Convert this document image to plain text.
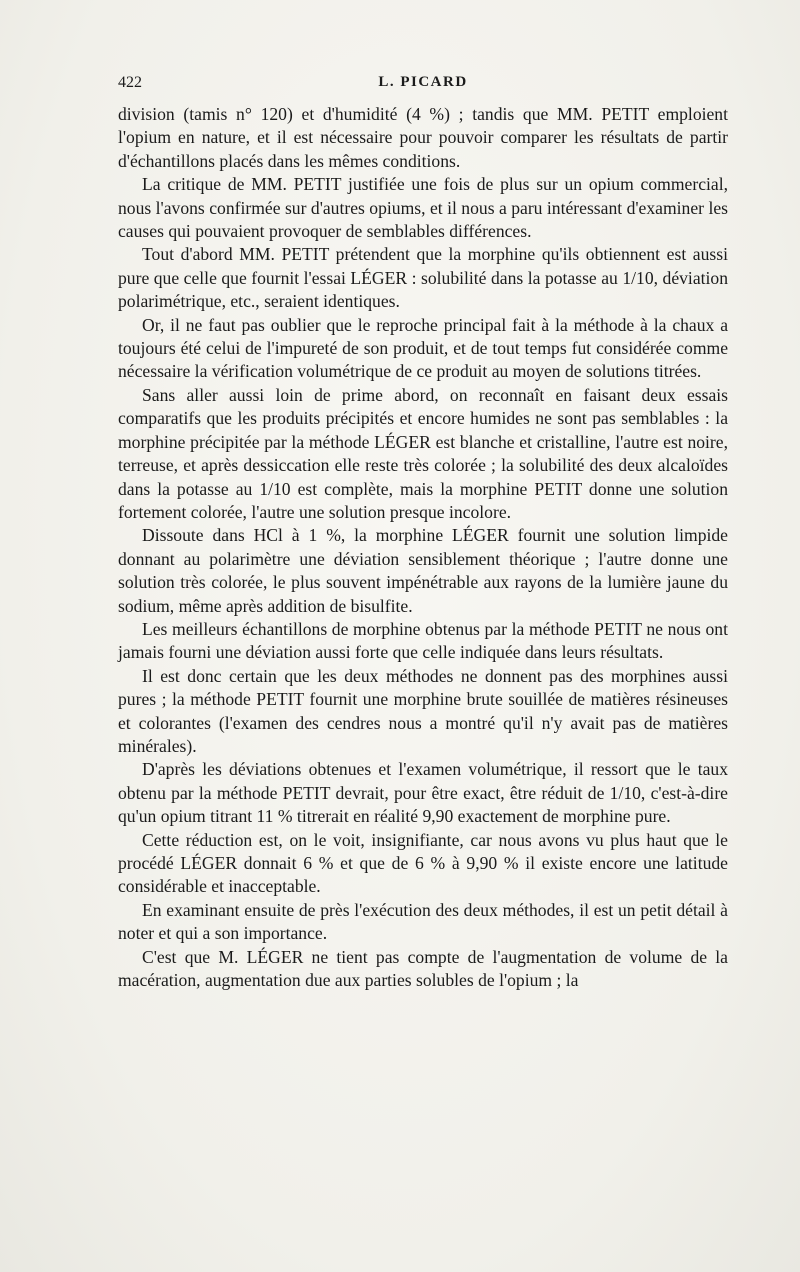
422	L. PICARD

division (tamis n° 120) et d'humidité (4 %) ; tandis que MM. PETIT emploient l'opium en nature, et il est nécessaire pour pouvoir comparer les résultats de partir d'échantillons placés dans les mêmes conditions.

La critique de MM. PETIT justifiée une fois de plus sur un opium commercial, nous l'avons confirmée sur d'autres opiums, et il nous a paru intéressant d'examiner les causes qui pouvaient provoquer de semblables différences.

Tout d'abord MM. PETIT prétendent que la morphine qu'ils obtiennent est aussi pure que celle que fournit l'essai LÉGER : solubilité dans la potasse au 1/10, déviation polarimétrique, etc., seraient identiques.

Or, il ne faut pas oublier que le reproche principal fait à la méthode à la chaux a toujours été celui de l'impureté de son produit, et de tout temps fut considérée comme nécessaire la vérification volumétrique de ce produit au moyen de solutions titrées.

Sans aller aussi loin de prime abord, on reconnaît en faisant deux essais comparatifs que les produits précipités et encore humides ne sont pas semblables : la morphine précipitée par la méthode LÉGER est blanche et cristalline, l'autre est noire, terreuse, et après dessiccation elle reste très colorée ; la solubilité des deux alcaloïdes dans la potasse au 1/10 est complète, mais la morphine PETIT donne une solution fortement colorée, l'autre une solution presque incolore.

Dissoute dans HCl à 1 %, la morphine LÉGER fournit une solution limpide donnant au polarimètre une déviation sensiblement théorique ; l'autre donne une solution très colorée, le plus souvent impénétrable aux rayons de la lumière jaune du sodium, même après addition de bisulfite.

Les meilleurs échantillons de morphine obtenus par la méthode PETIT ne nous ont jamais fourni une déviation aussi forte que celle indiquée dans leurs résultats.

Il est donc certain que les deux méthodes ne donnent pas des morphines aussi pures ; la méthode PETIT fournit une morphine brute souillée de matières résineuses et colorantes (l'examen des cendres nous a montré qu'il n'y avait pas de matières minérales).

D'après les déviations obtenues et l'examen volumétrique, il ressort que le taux obtenu par la méthode PETIT devrait, pour être exact, être réduit de 1/10, c'est-à-dire qu'un opium titrant 11 % titrerait en réalité 9,90 exactement de morphine pure.

Cette réduction est, on le voit, insignifiante, car nous avons vu plus haut que le procédé LÉGER donnait 6 % et que de 6 % à 9,90 % il existe encore une latitude considérable et inacceptable.

En examinant ensuite de près l'exécution des deux méthodes, il est un petit détail à noter et qui a son importance.

C'est que M. LÉGER ne tient pas compte de l'augmentation de volume de la macération, augmentation due aux parties solubles de l'opium ; la
